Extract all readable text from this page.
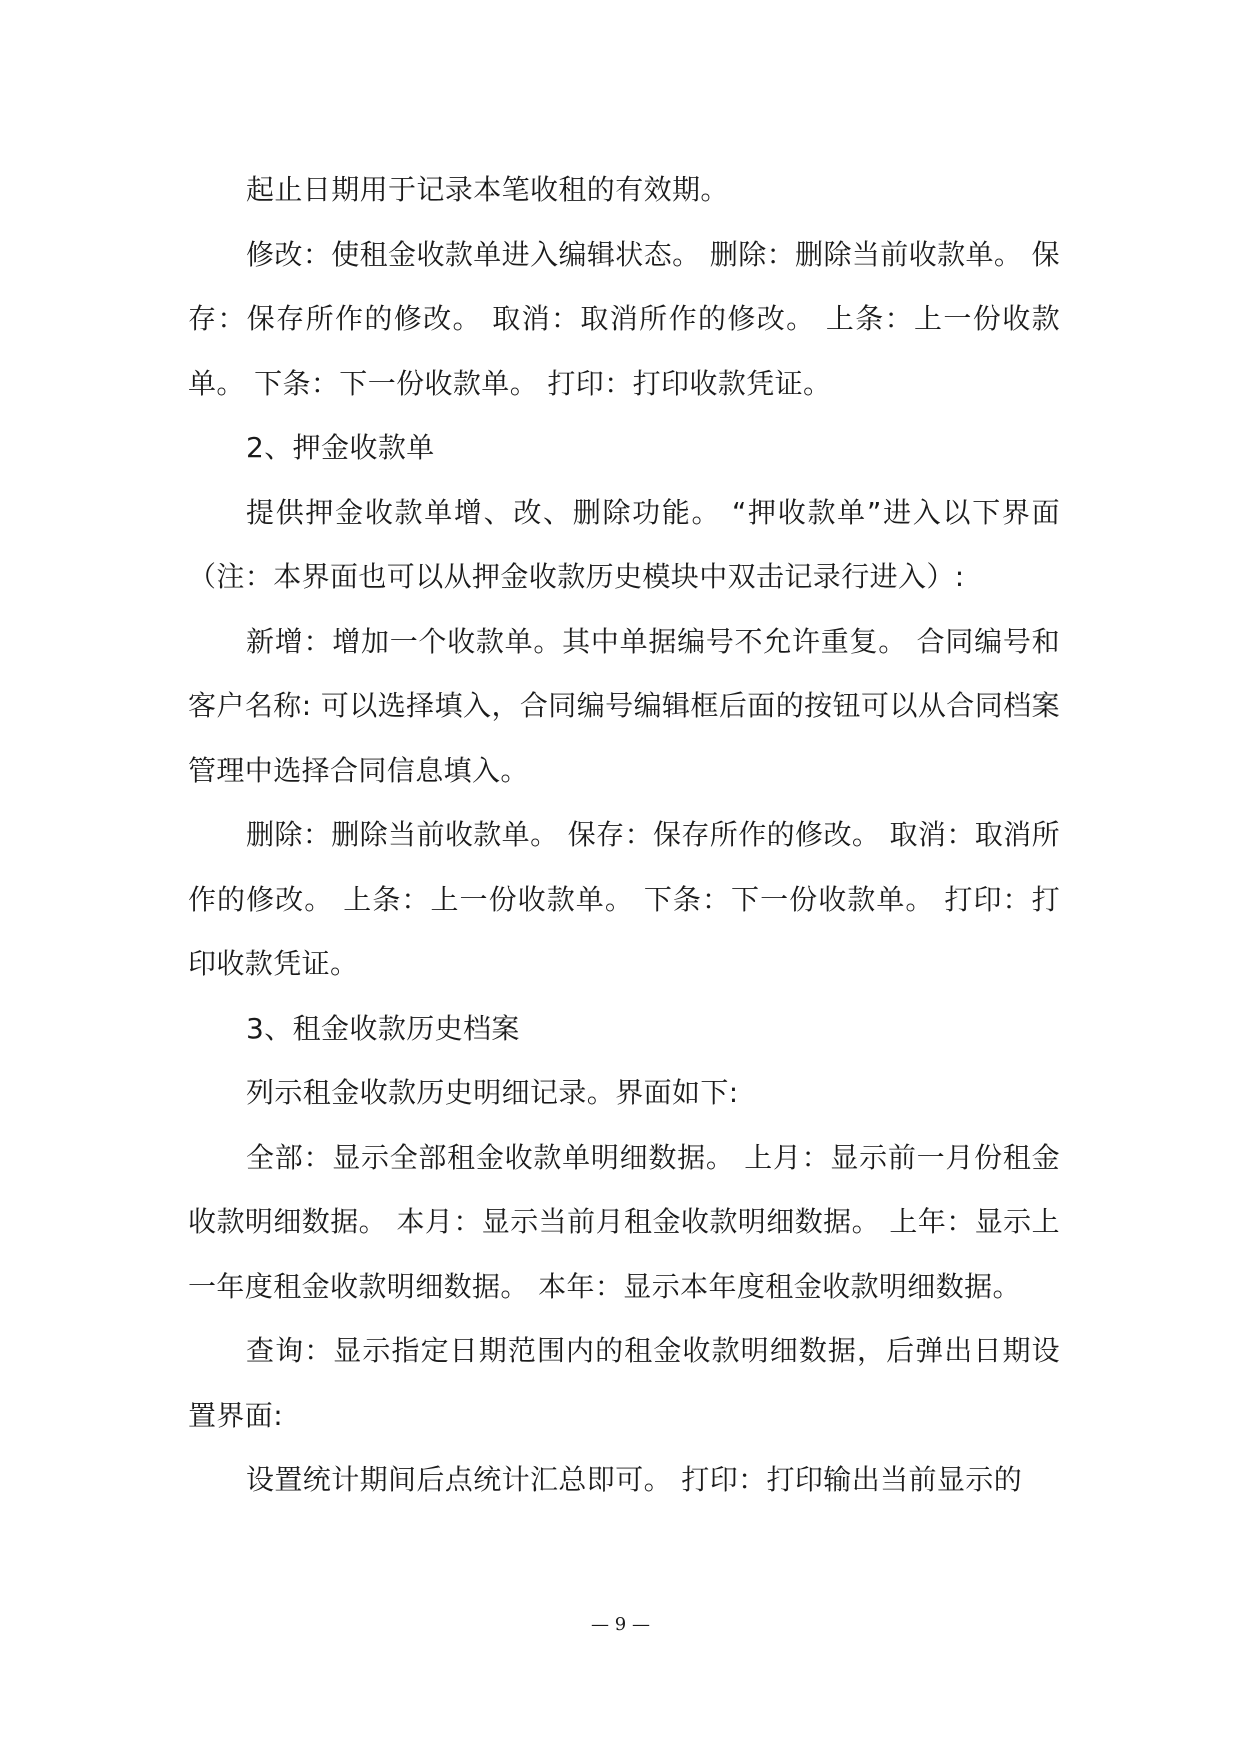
起止日期用于记录本笔收租的有效期。

修改：使租金收款单进入编辑状态。 删除：删除当前收款单。 保存：保存所作的修改。 取消：取消所作的修改。 上条：上一份收款单。 下条：下一份收款单。 打印：打印收款凭证。

2、押金收款单

提供押金收款单增、改、删除功能。 “押收款单”进入以下界面（注：本界面也可以从押金收款历史模块中双击记录行进入）:

新增：增加一个收款单。其中单据编号不允许重复。 合同编号和客户名称: 可以选择填入，合同编号编辑框后面的按钮可以从合同档案管理中选择合同信息填入。

删除：删除当前收款单。 保存：保存所作的修改。 取消：取消所作的修改。 上条：上一份收款单。 下条：下一份收款单。 打印：打印收款凭证。

3、租金收款历史档案

列示租金收款历史明细记录。界面如下:

全部：显示全部租金收款单明细数据。 上月：显示前一月份租金收款明细数据。 本月：显示当前月租金收款明细数据。 上年：显示上一年度租金收款明细数据。 本年：显示本年度租金收款明细数据。

查询：显示指定日期范围内的租金收款明细数据，后弹出日期设置界面:

设置统计期间后点统计汇总即可。 打印：打印输出当前显示的

— 9 —
